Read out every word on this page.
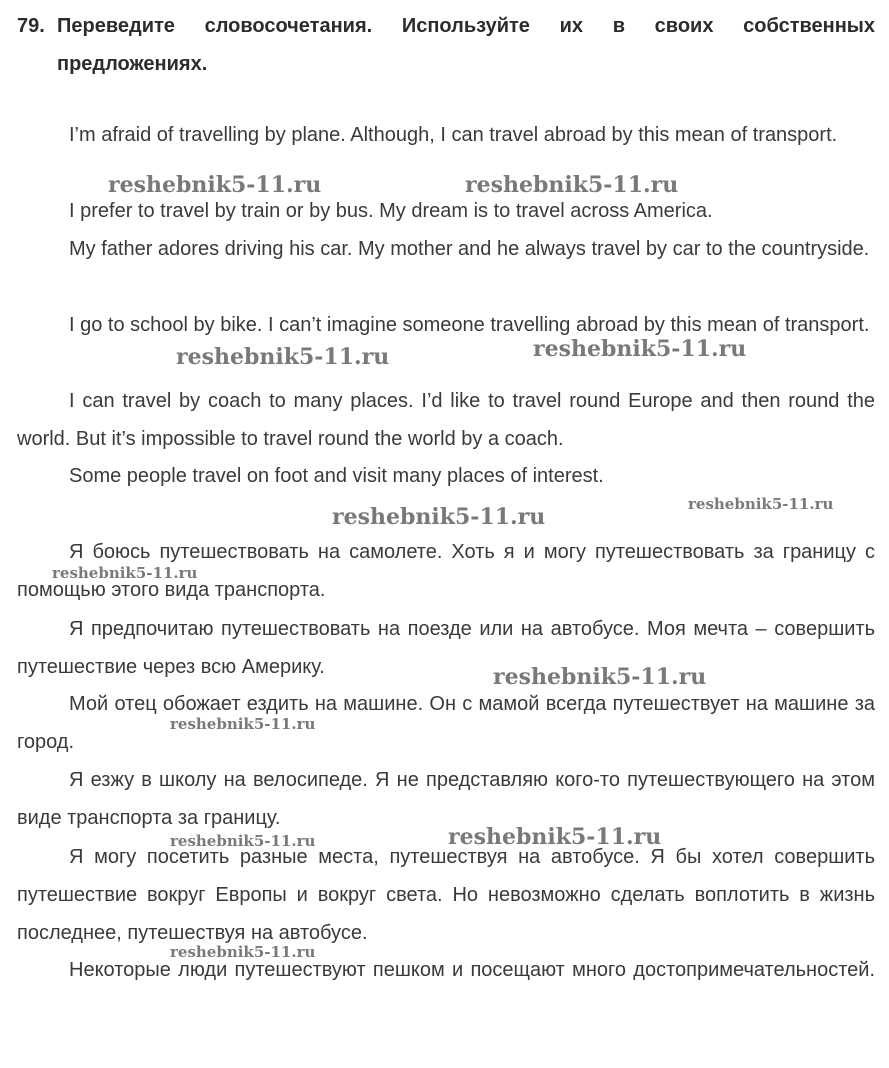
79. Переведите словосочетания. Используйте их в своих собственных предложениях.

I’m afraid of travelling by plane. Although, I can travel abroad by this mean of transport.

I prefer to travel by train or by bus. My dream is to travel across America.

My father adores driving his car. My mother and he always travel by car to the countryside.

I go to school by bike. I can’t imagine someone travelling abroad by this mean of transport.

I can travel by coach to many places. I’d like to travel round Europe and then round the world. But it’s impossible to travel round the world by a coach.

Some people travel on foot and visit many places of interest.

Я боюсь путешествовать на самолете. Хоть я и могу путешествовать за границу с помощью этого вида транспорта.

Я предпочитаю путешествовать на поезде или на автобусе. Моя мечта – совершить путешествие через всю Америку.

Мой отец обожает ездить на машине. Он с мамой всегда путешествует на машине за город.

Я езжу в школу на велосипеде. Я не представляю кого-то путешествующего на этом виде транспорта за границу.

Я могу посетить разные места, путешествуя на автобусе. Я бы хотел совершить путешествие вокруг Европы и вокруг света. Но невозможно сделать воплотить в жизнь последнее, путешествуя на автобусе.

Некоторые люди путешествуют пешком и посещают много достопримечательностей.

reshebnik5-11.ru	reshebnik5-11.ru
reshebnik5-11.ru	reshebnik5-11.ru
reshebnik5-11.ru
reshebnik5-11.ru
reshebnik5-11.ru
reshebnik5-11.ru
reshebnik5-11.ru
reshebnik5-11.ru	reshebnik5-11.ru
reshebnik5-11.ru
